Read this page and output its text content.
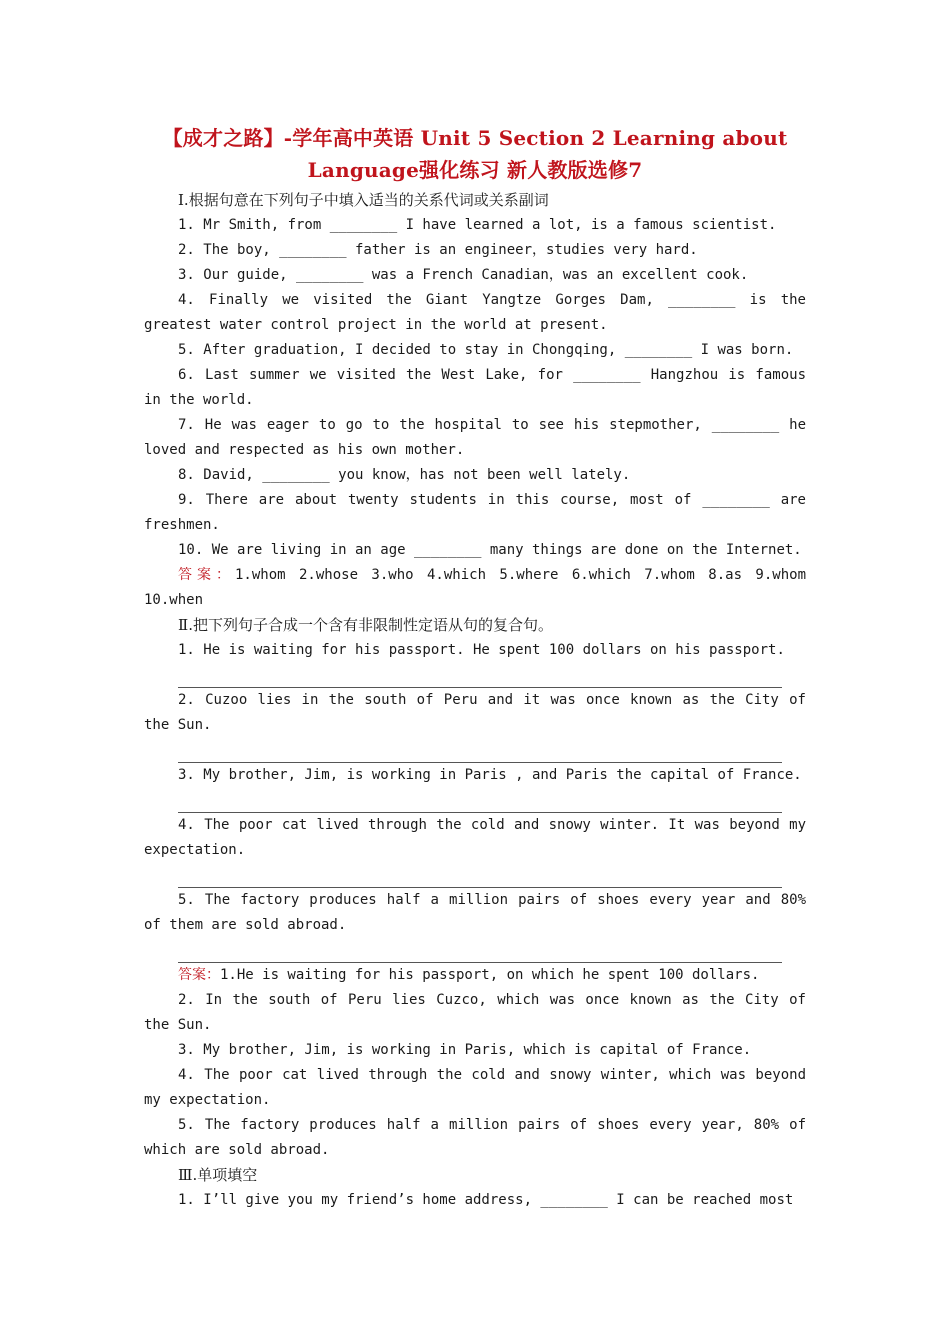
【成才之路】-学年高中英语 Unit 5 Section 2 Learning about
Language强化练习 新人教版选修7
Ⅰ.根据句意在下列句子中填入适当的关系代词或关系副词
1. Mr Smith, from ________ I have learned a lot, is a famous scientist.
2. The boy, ________ father is an engineer，studies very hard.
3. Our guide, ________ was a French Canadian，was an excellent cook.
4. Finally we visited the Giant Yangtze Gorges Dam, ________ is the greatest water control project in the world at present.
5. After graduation, I decided to stay in Chongqing, ________ I was born.
6. Last summer we visited the West Lake, for ________ Hangzhou is famous in the world.
7. He was eager to go to the hospital to see his stepmother, ________ he loved and respected as his own mother.
8. David, ________ you know，has not been well lately.
9. There are about twenty students in this course, most of ________ are freshmen.
10. We are living in an age ________ many things are done on the Internet.
答案：1.whom 2.whose 3.who 4.which 5.where 6.which 7.whom 8.as 9.whom 10.when
Ⅱ.把下列句子合成一个含有非限制性定语从句的复合句。
1. He is waiting for his passport. He spent 100 dollars on his passport.
2. Cuzoo lies in the south of Peru and it was once known as the City of the Sun.
3. My brother, Jim, is working in Paris , and Paris the capital of France.
4. The poor cat lived through the cold and snowy winter. It was beyond my expectation.
5. The factory produces half a million pairs of shoes every year and 80% of them are sold abroad.
答案：1.He is waiting for his passport, on which he spent 100 dollars.
2. In the south of Peru lies Cuzco, which was once known as the City of the Sun.
3. My brother, Jim, is working in Paris, which is capital of France.
4. The poor cat lived through the cold and snowy winter, which was beyond my expectation.
5. The factory produces half a million pairs of shoes every year, 80% of which are sold abroad.
Ⅲ.单项填空
1. I’ll give you my friend’s home address, ________ I can be reached most
